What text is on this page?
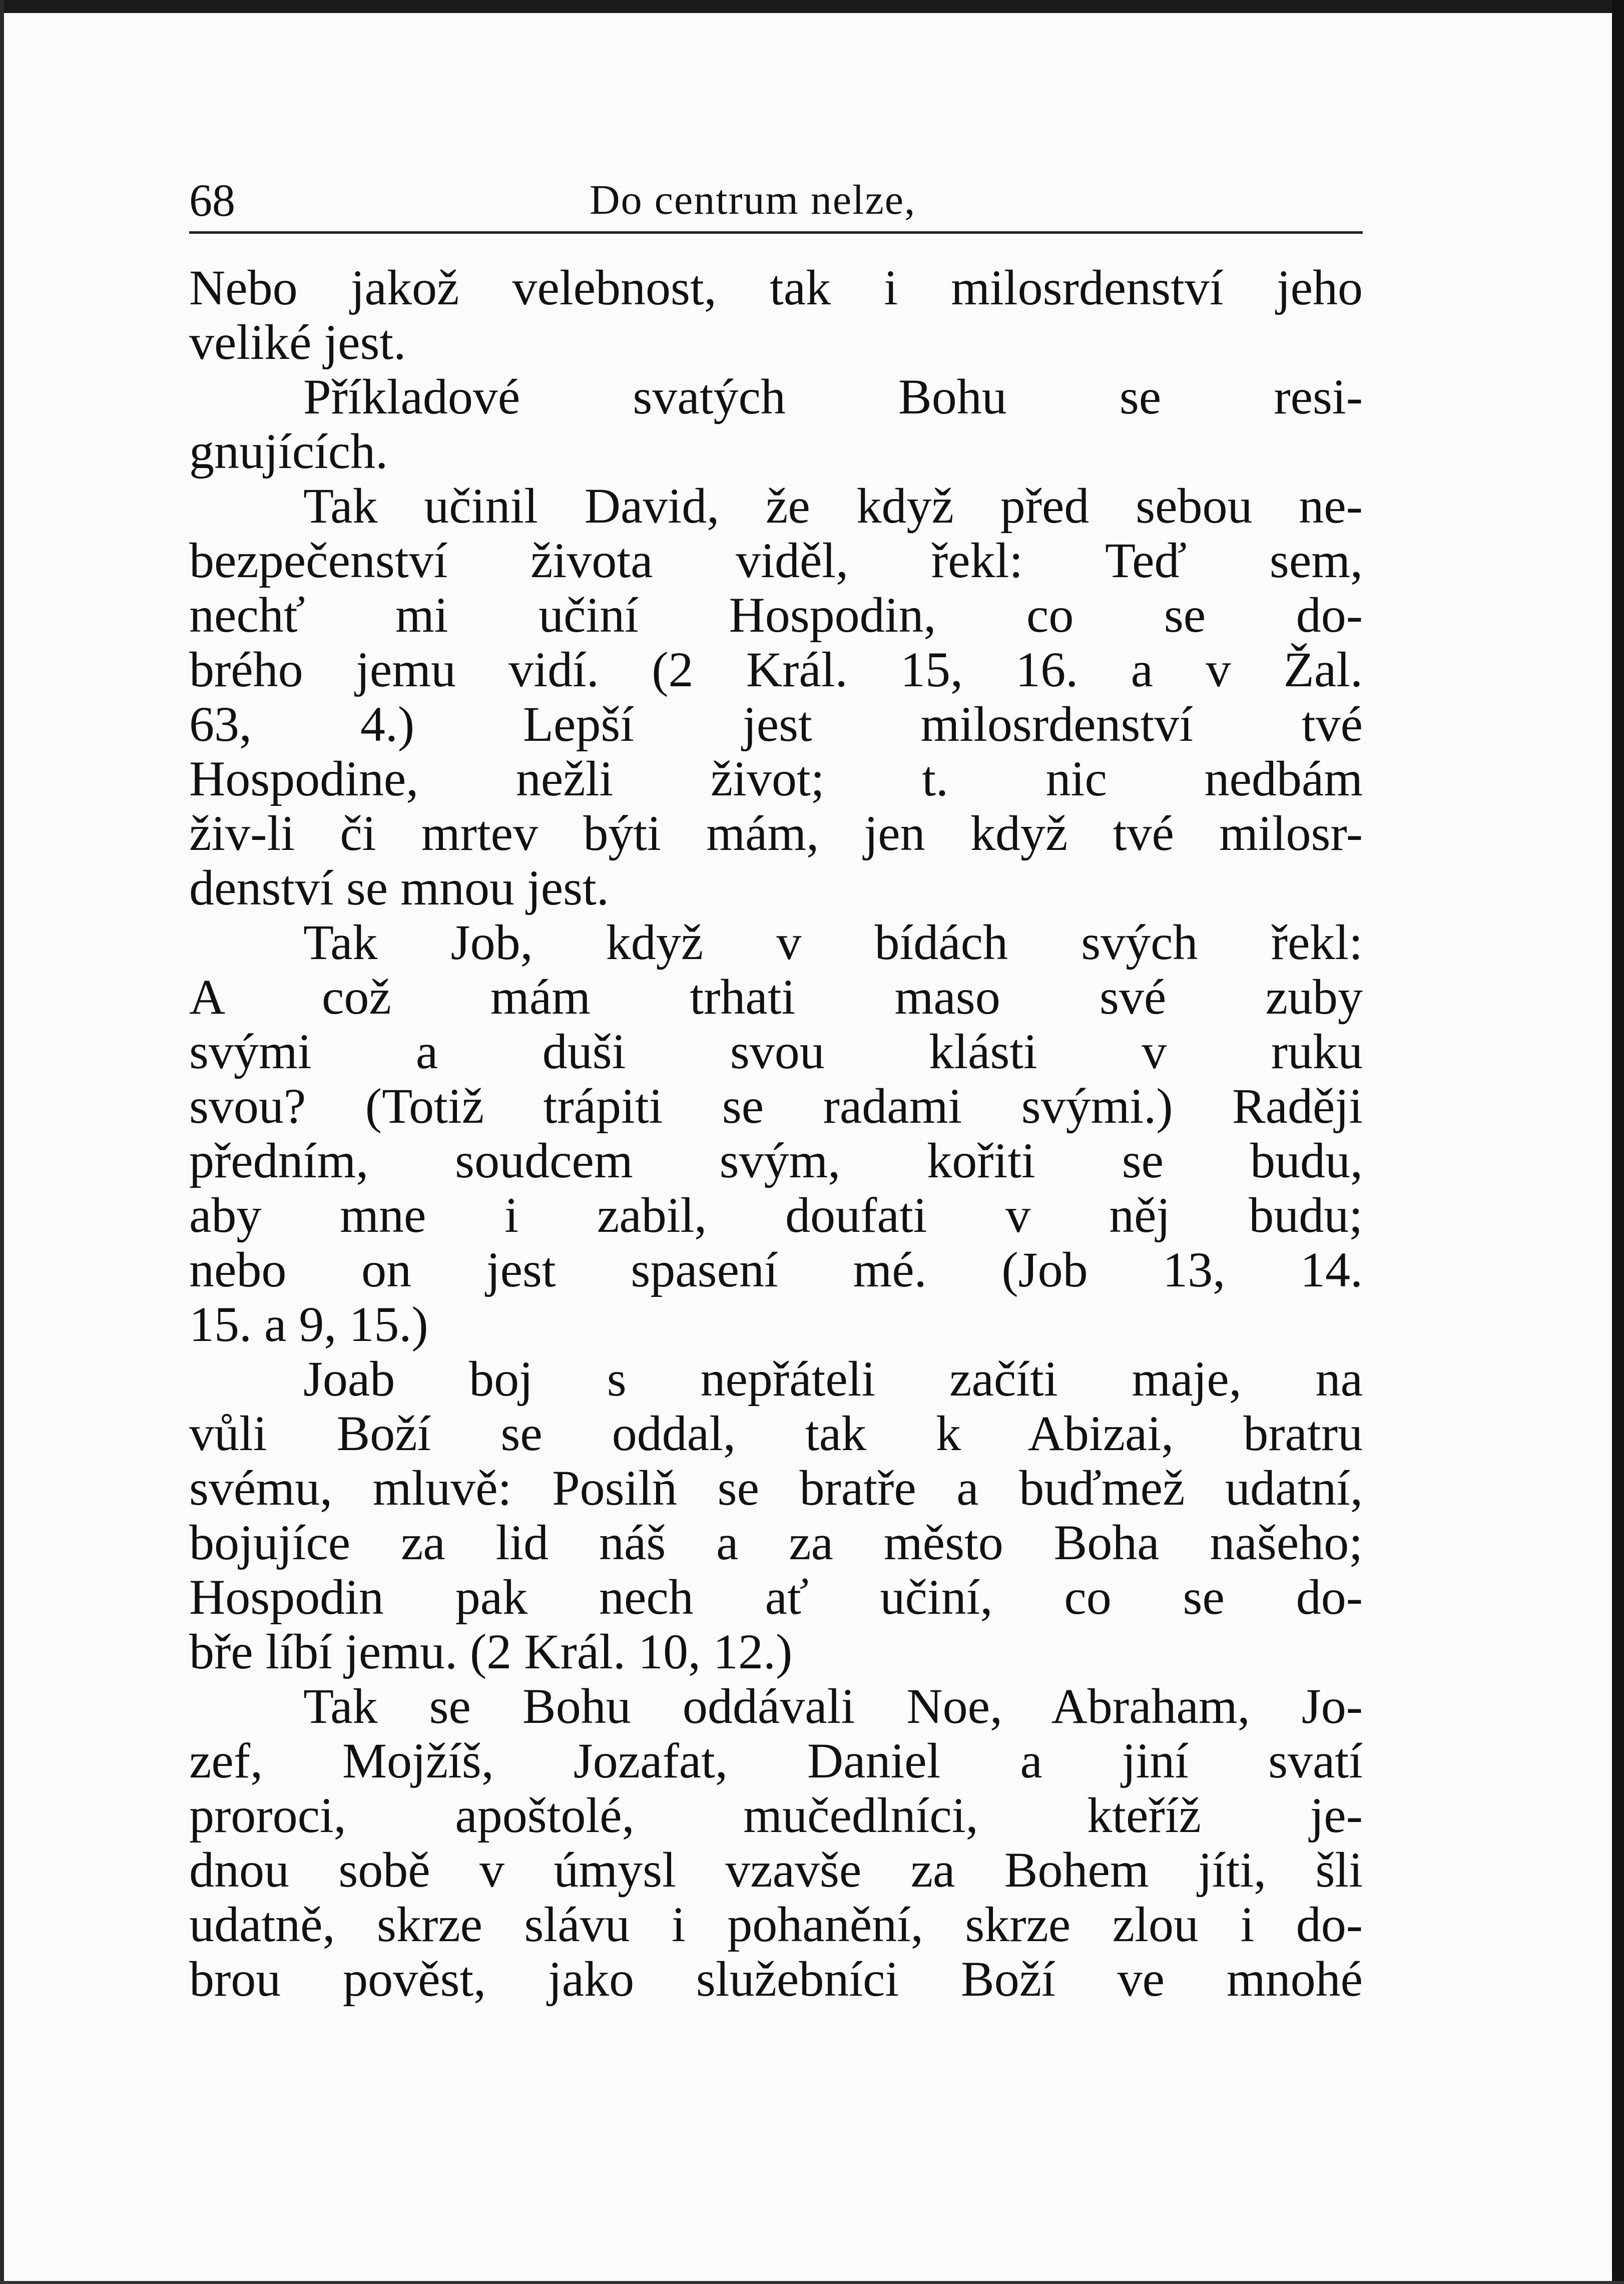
68	Do centrum nelze,
Nebo jakož velebnost, tak i milosrdenství jeho
veliké jest.
Příkladové svatých Bohu se resi-
gnujících.
Tak učinil David, že když před sebou ne-
bezpečenství života viděl, řekl: Teď sem,
nechť mi učiní Hospodin, co se do-
brého jemu vidí. (2 Král. 15, 16. a v Žal.
63, 4.) Lepší jest milosrdenství tvé
Hospodine, nežli život; t. nic nedbám
živ-li či mrtev býti mám, jen když tvé milosr-
denství se mnou jest.
Tak Job, když v bídách svých řekl:
A což mám trhati maso své zuby
svými a duši svou klásti v ruku
svou? (Totiž trápiti se radami svými.) Raději
předním, soudcem svým, kořiti se budu,
aby mne i zabil, doufati v něj budu;
nebo on jest spasení mé. (Job 13, 14.
15. a 9, 15.)
Joab boj s nepřáteli začíti maje, na
vůli Boží se oddal, tak k Abizai, bratru
svému, mluvě: Posilň se bratře a buďmež udatní,
bojujíce za lid náš a za město Boha našeho;
Hospodin pak nech ať učiní, co se do-
bře líbí jemu. (2 Král. 10, 12.)
Tak se Bohu oddávali Noe, Abraham, Jo-
zef, Mojžíš, Jozafat, Daniel a jiní svatí
proroci, apoštolé, mučedlníci, kteříž je-
dnou sobě v úmysl vzavše za Bohem jíti, šli
udatně, skrze slávu i pohanění, skrze zlou i do-
brou pověst, jako služebníci Boží ve mnohé
